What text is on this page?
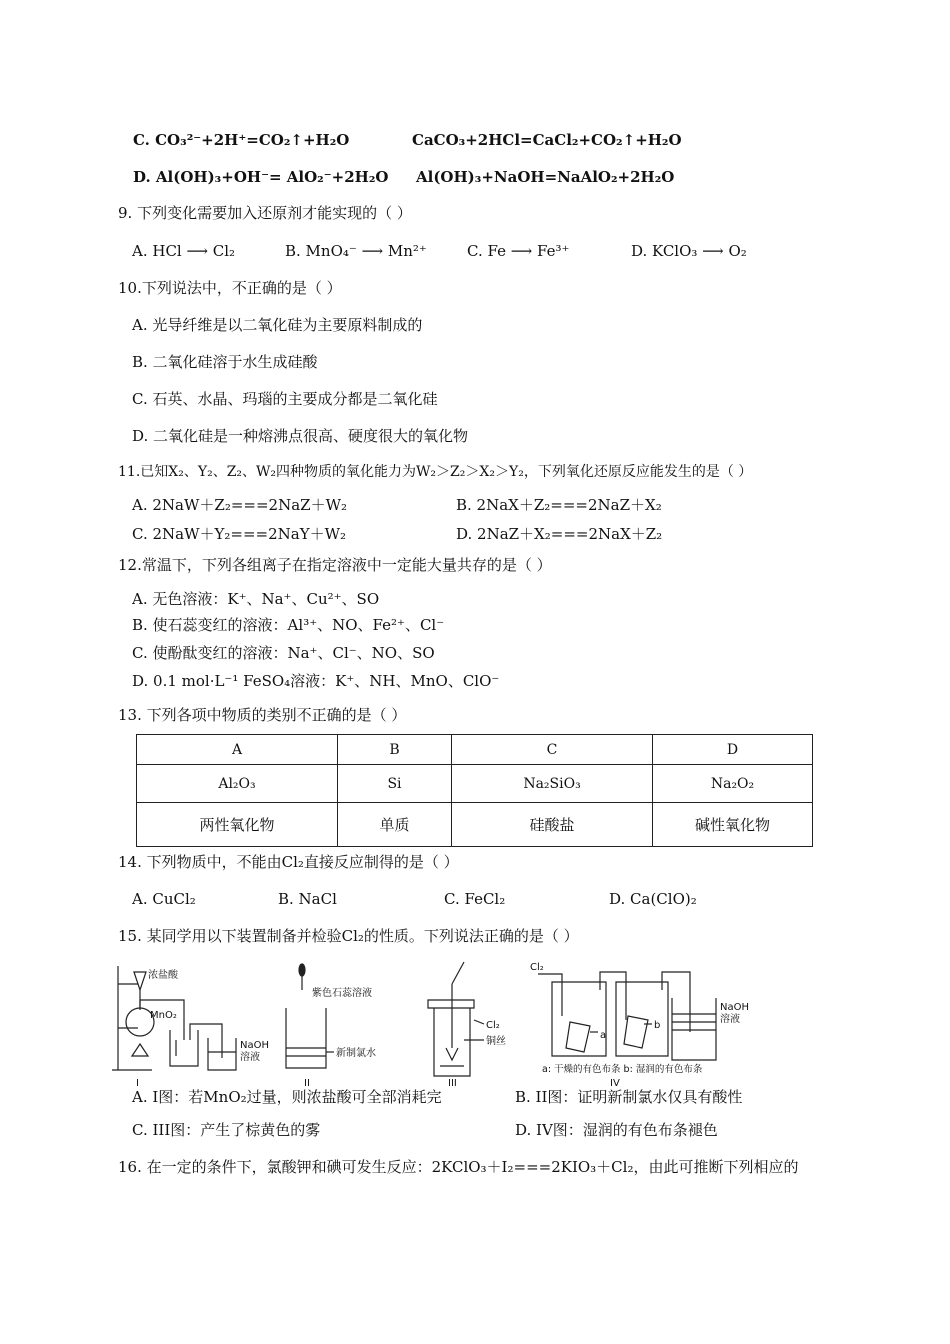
C. CO₃²⁻+2H⁺=CO₂↑+H₂O	CaCO₃+2HCl=CaCl₂+CO₂↑+H₂O
D. Al(OH)₃+OH⁻= AlO₂⁻+2H₂O Al(OH)₃+NaOH=NaAlO₂+2H₂O
9. 下列变化需要加入还原剂才能实现的（ ）
A. HCl ⟶ Cl₂	B. MnO₄⁻ ⟶ Mn²⁺	C. Fe ⟶ Fe³⁺	D. KClO₃ ⟶ O₂
10.下列说法中，不正确的是（ ）
A. 光导纤维是以二氧化硅为主要原料制成的
B. 二氧化硅溶于水生成硅酸
C. 石英、水晶、玛瑙的主要成分都是二氧化硅
D. 二氧化硅是一种熔沸点很高、硬度很大的氧化物
11.已知X₂、Y₂、Z₂、W₂四种物质的氧化能力为W₂＞Z₂＞X₂＞Y₂，下列氧化还原反应能发生的是（ ）
A. 2NaW＋Z₂===2NaZ＋W₂	B. 2NaX＋Z₂===2NaZ＋X₂
C. 2NaW＋Y₂===2NaY＋W₂	D. 2NaZ＋X₂===2NaX＋Z₂
12.常温下，下列各组离子在指定溶液中一定能大量共存的是（ ）
A. 无色溶液：K⁺、Na⁺、Cu²⁺、SO
B. 使石蕊变红的溶液：Al³⁺、NO、Fe²⁺、Cl⁻
C. 使酚酞变红的溶液：Na⁺、Cl⁻、NO、SO
D. 0.1 mol·L⁻¹ FeSO₄溶液：K⁺、NH、MnO、ClO⁻
13. 下列各项中物质的类别不正确的是（ ）
A	B	C	D
Al₂O₃	Si	Na₂SiO₃	Na₂O₂
两性氧化物	单质	硅酸盐	碱性氧化物
14. 下列物质中，不能由Cl₂直接反应制得的是（ ）
A. CuCl₂	B. NaCl	C. FeCl₂	D. Ca(ClO)₂
15. 某同学用以下装置制备并检验Cl₂的性质。下列说法正确的是（ ）
浓盐酸
MnO₂
NaOH
溶液
I
紫色石蕊溶液
新制氯水
II
Cl₂
铜丝
III
Cl₂
a
b
NaOH
溶液
a: 干燥的有色布条 b: 湿润的有色布条
IV
A. I图：若MnO₂过量，则浓盐酸可全部消耗完	B. II图：证明新制氯水仅具有酸性
C. III图：产生了棕黄色的雾	D. IV图：湿润的有色布条褪色
16. 在一定的条件下，氯酸钾和碘可发生反应：2KClO₃＋I₂===2KIO₃＋Cl₂，由此可推断下列相应的
